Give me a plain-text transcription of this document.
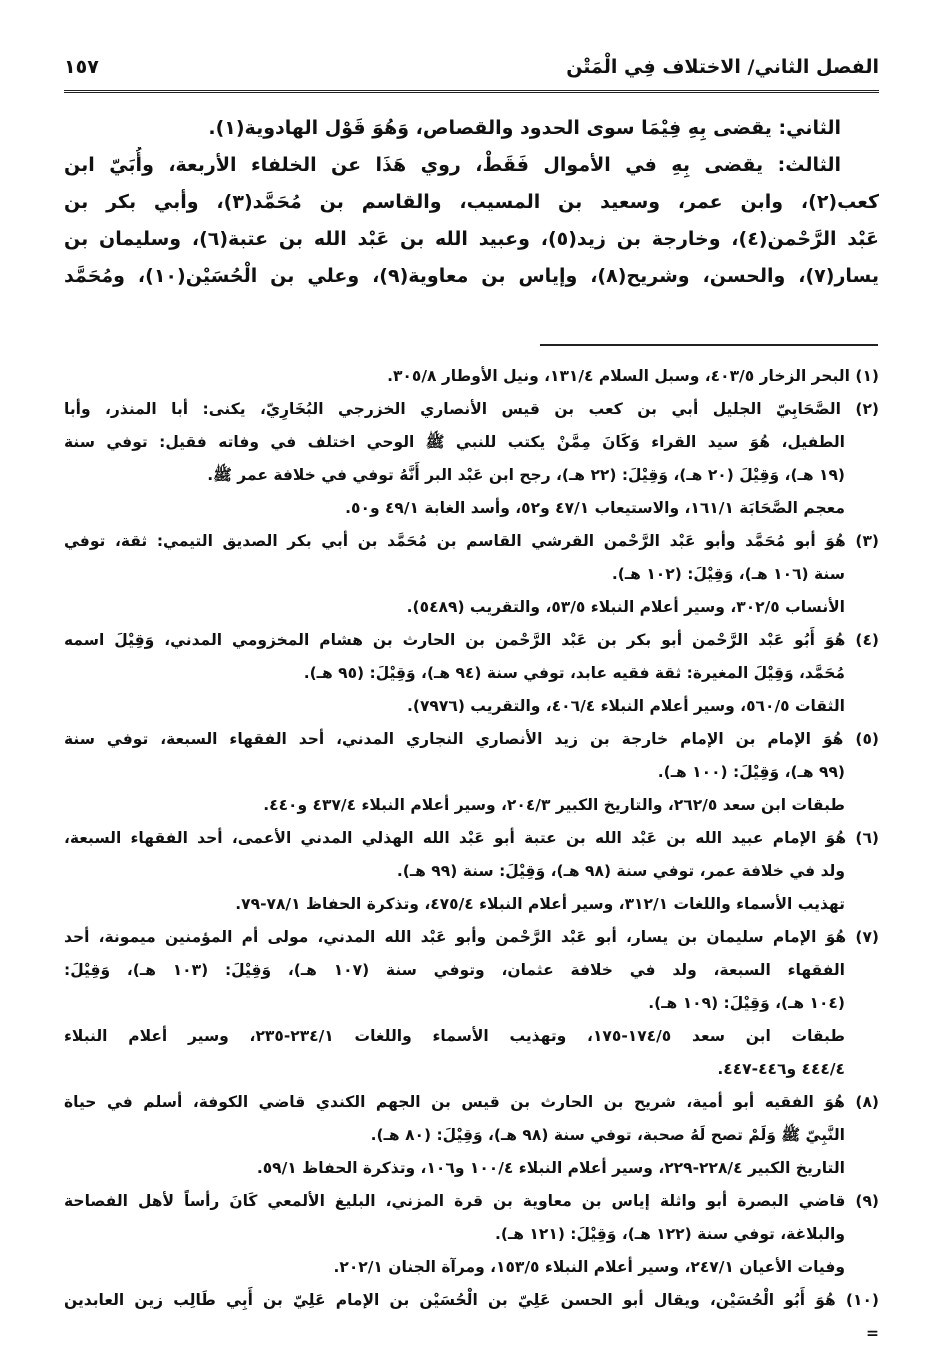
الفصل الثاني/ الاختلاف فِي الْمَتْن
١٥٧
الثاني: يقضى بِهِ فِيْمَا سوى الحدود والقصاص، وَهُوَ قَوْل الهادوية(١).
الثالث: يقضى بِهِ في الأموال فَقَطْ، روي هَذَا عن الخلفاء الأربعة، وأُبَيّ ابن
كعب(٢)، وابن عمر، وسعيد بن المسيب، والقاسم بن مُحَمَّد(٣)، وأبي بكر بن
عَبْد الرَّحْمن(٤)، وخارجة بن زيد(٥)، وعبيد الله بن عَبْد الله بن عتبة(٦)، وسليمان بن
يسار(٧)، والحسن، وشريح(٨)، وإياس بن معاوية(٩)، وعلي بن الْحُسَيْن(١٠)، ومُحَمَّد
(١) البحر الزخار ٤٠٣/٥، وسبل السلام ١٣١/٤، ونيل الأوطار ٣٠٥/٨.
(٢) الصَّحَابِيّ الجليل أبي بن كعب بن قيس الأنصاري الخزرجي البُخَارِيّ، يكنى: أبا المنذر، وأبا
الطفيل، هُوَ سيد القراء وَكَانَ مِمَّنْ يكتب للنبي ﷺ الوحي اختلف في وفاته فقيل: توفي سنة
(١٩ هـ)، وَقِيْلَ (٢٠ هـ)، وَقِيْلَ: (٢٢ هـ)، رجح ابن عَبْد البر أَنَّهُ توفي في خلافة عمر ﷺ.
معجم الصَّحَابَة ١٦١/١، والاستيعاب ٤٧/١ و٥٢، وأسد الغابة ٤٩/١ و٥٠.
(٣) هُوَ أبو مُحَمَّد وأبو عَبْد الرَّحْمن القرشي القاسم بن مُحَمَّد بن أبي بكر الصديق التيمي: ثقة، توفي
سنة (١٠٦ هـ)، وَقِيْلَ: (١٠٢ هـ).
الأنساب ٣٠٢/٥، وسير أعلام النبلاء ٥٣/٥، والتقريب (٥٤٨٩).
(٤) هُوَ أَبُو عَبْد الرَّحْمن أبو بكر بن عَبْد الرَّحْمن بن الحارث بن هشام المخزومي المدني، وَقِيْلَ اسمه
مُحَمَّد، وَقِيْلَ المغيرة: ثقة فقيه عابد، توفي سنة (٩٤ هـ)، وَقِيْلَ: (٩٥ هـ).
الثقات ٥٦٠/٥، وسير أعلام النبلاء ٤٠٦/٤، والتقريب (٧٩٧٦).
(٥) هُوَ الإمام بن الإمام خارجة بن زيد الأنصاري النجاري المدني، أحد الفقهاء السبعة، توفي سنة
(٩٩ هـ)، وَقِيْلَ: (١٠٠ هـ).
طبقات ابن سعد ٢٦٢/٥، والتاريخ الكبير ٢٠٤/٣، وسير أعلام النبلاء ٤٣٧/٤ و٤٤٠.
(٦) هُوَ الإمام عبيد الله بن عَبْد الله بن عتبة أبو عَبْد الله الهذلي المدني الأعمى، أحد الفقهاء السبعة،
ولد في خلافة عمر، توفي سنة (٩٨ هـ)، وَقِيْلَ: سنة (٩٩ هـ).
تهذيب الأسماء واللغات ٣١٢/١، وسير أعلام النبلاء ٤٧٥/٤، وتذكرة الحفاظ ٧٨/١-٧٩.
(٧) هُوَ الإمام سليمان بن يسار، أبو عَبْد الرَّحْمن وأبو عَبْد الله المدني، مولى أم المؤمنين ميمونة، أحد
الفقهاء السبعة، ولد في خلافة عثمان، وتوفي سنة (١٠٧ هـ)، وَقِيْلَ: (١٠٣ هـ)، وَقِيْلَ:
(١٠٤ هـ)، وَقِيْلَ: (١٠٩ هـ).
طبقات ابن سعد ١٧٤/٥-١٧٥، وتهذيب الأسماء واللغات ٢٣٤/١-٢٣٥، وسير أعلام النبلاء
٤٤٤/٤ و٤٤٦-٤٤٧.
(٨) هُوَ الفقيه أبو أمية، شريح بن الحارث بن قيس بن الجهم الكندي قاضي الكوفة، أسلم في حياة
النَّبِيّ ﷺ وَلَمْ تصح لَهُ صحبة، توفي سنة (٩٨ هـ)، وَقِيْلَ: (٨٠ هـ).
التاريخ الكبير ٢٢٨/٤-٢٢٩، وسير أعلام النبلاء ١٠٠/٤ و١٠٦، وتذكرة الحفاظ ٥٩/١.
(٩) قاضي البصرة أبو واثلة إياس بن معاوية بن قرة المزني، البليغ الألمعي كَانَ رأساً لأهل الفصاحة
والبلاغة، توفي سنة (١٢٢ هـ)، وَقِيْلَ: (١٢١ هـ).
وفيات الأعيان ٢٤٧/١، وسير أعلام النبلاء ١٥٣/٥، ومرآة الجنان ٢٠٢/١.
(١٠) هُوَ أَبُو الْحُسَيْن، ويقال أبو الحسن عَلِيّ بن الْحُسَيْن بن الإمام عَلِيّ بن أَبِي طَالِب زين العابدين
=
